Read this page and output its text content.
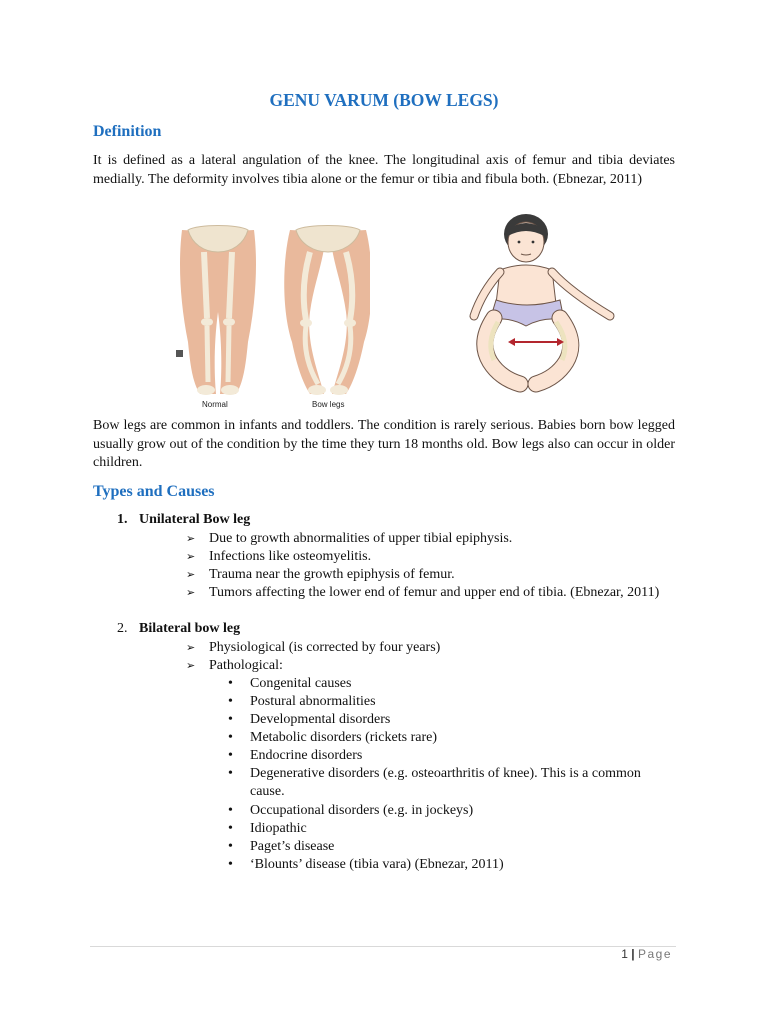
GENU VARUM (BOW LEGS)
Definition

It is defined as a lateral angulation of the knee. The longitudinal axis of femur and tibia deviates medially. The deformity involves tibia alone or the femur or tibia and fibula both. (Ebnezar, 2011)

Normal	Bow legs

Bow legs are common in infants and toddlers. The condition is rarely serious. Babies born bow legged usually grow out of the condition by the time they turn 18 months old. Bow legs also can occur in older children.

Types and Causes
1. Unilateral Bow leg
➢ Due to growth abnormalities of upper tibial epiphysis.
➢ Infections like osteomyelitis.
➢ Trauma near the growth epiphysis of femur.
➢ Tumors affecting the lower end of femur and upper end of tibia. (Ebnezar, 2011)
2. Bilateral bow leg
➢ Physiological (is corrected by four years)
➢ Pathological:
• Congenital causes
• Postural abnormalities
• Developmental disorders
• Metabolic disorders (rickets rare)
• Endocrine disorders
• Degenerative disorders (e.g. osteoarthritis of knee). This is a common cause.
• Occupational disorders (e.g. in jockeys)
• Idiopathic
• Paget’s disease
• ‘Blounts’ disease (tibia vara) (Ebnezar, 2011)
1 | Page
